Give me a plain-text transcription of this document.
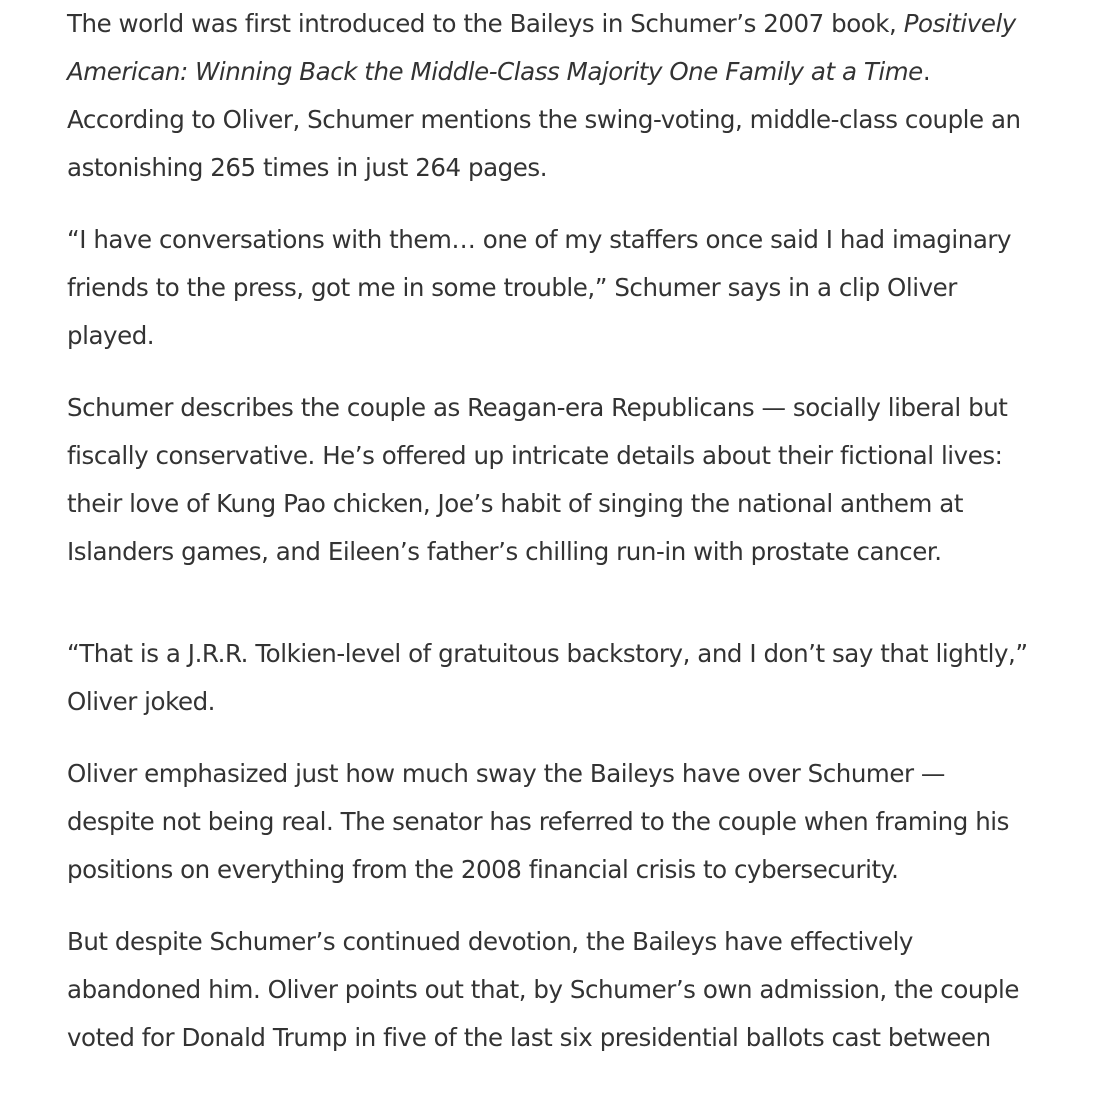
The world was first introduced to the Baileys in Schumer’s 2007 book, Positively American: Winning Back the Middle-Class Majority One Family at a Time. According to Oliver, Schumer mentions the swing-voting, middle-class couple an astonishing 265 times in just 264 pages.

“I have conversations with them… one of my staffers once said I had imaginary friends to the press, got me in some trouble,” Schumer says in a clip Oliver played.

Schumer describes the couple as Reagan-era Republicans — socially liberal but fiscally conservative. He’s offered up intricate details about their fictional lives: their love of Kung Pao chicken, Joe’s habit of singing the national anthem at Islanders games, and Eileen’s father’s chilling run-in with prostate cancer.

“That is a J.R.R. Tolkien-level of gratuitous backstory, and I don’t say that lightly,” Oliver joked.

Oliver emphasized just how much sway the Baileys have over Schumer — despite not being real. The senator has referred to the couple when framing his positions on everything from the 2008 financial crisis to cybersecurity.

But despite Schumer’s continued devotion, the Baileys have effectively abandoned him. Oliver points out that, by Schumer’s own admission, the couple voted for Donald Trump in five of the last six presidential ballots cast between
